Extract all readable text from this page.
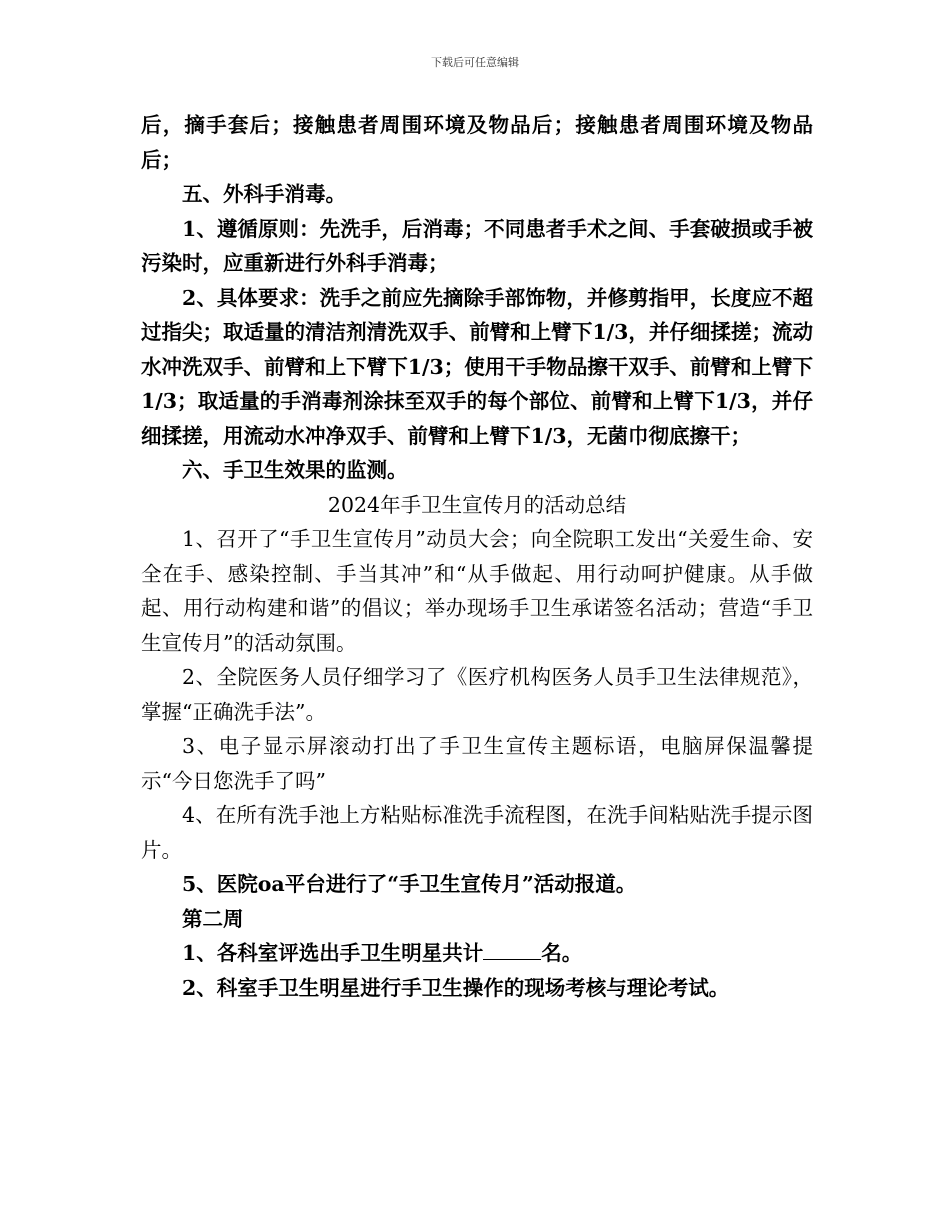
下载后可任意编辑

后，摘手套后；接触患者周围环境及物品后；接触患者周围环境及物品后；

五、外科手消毒。

1、遵循原则：先洗手，后消毒；不同患者手术之间、手套破损或手被污染时，应重新进行外科手消毒；

2、具体要求：洗手之前应先摘除手部饰物，并修剪指甲，长度应不超过指尖；取适量的清洁剂清洗双手、前臂和上臂下1/3，并仔细揉搓；流动水冲洗双手、前臂和上下臂下1/3；使用干手物品擦干双手、前臂和上臂下1/3；取适量的手消毒剂涂抹至双手的每个部位、前臂和上臂下1/3，并仔细揉搓，用流动水冲净双手、前臂和上臂下1/3，无菌巾彻底擦干；

六、手卫生效果的监测。

2024年手卫生宣传月的活动总结

1、召开了“手卫生宣传月”动员大会；向全院职工发出“关爱生命、安全在手、感染控制、手当其冲”和“从手做起、用行动呵护健康。从手做起、用行动构建和谐”的倡议；举办现场手卫生承诺签名活动；营造“手卫生宣传月”的活动氛围。

2、全院医务人员仔细学习了《医疗机构医务人员手卫生法律规范》，掌握“正确洗手法”。

3、电子显示屏滚动打出了手卫生宣传主题标语，电脑屏保温馨提示“今日您洗手了吗”

4、在所有洗手池上方粘贴标准洗手流程图，在洗手间粘贴洗手提示图片。

5、医院oa平台进行了“手卫生宣传月”活动报道。

第二周

1、各科室评选出手卫生明星共计	名。

2、科室手卫生明星进行手卫生操作的现场考核与理论考试。
